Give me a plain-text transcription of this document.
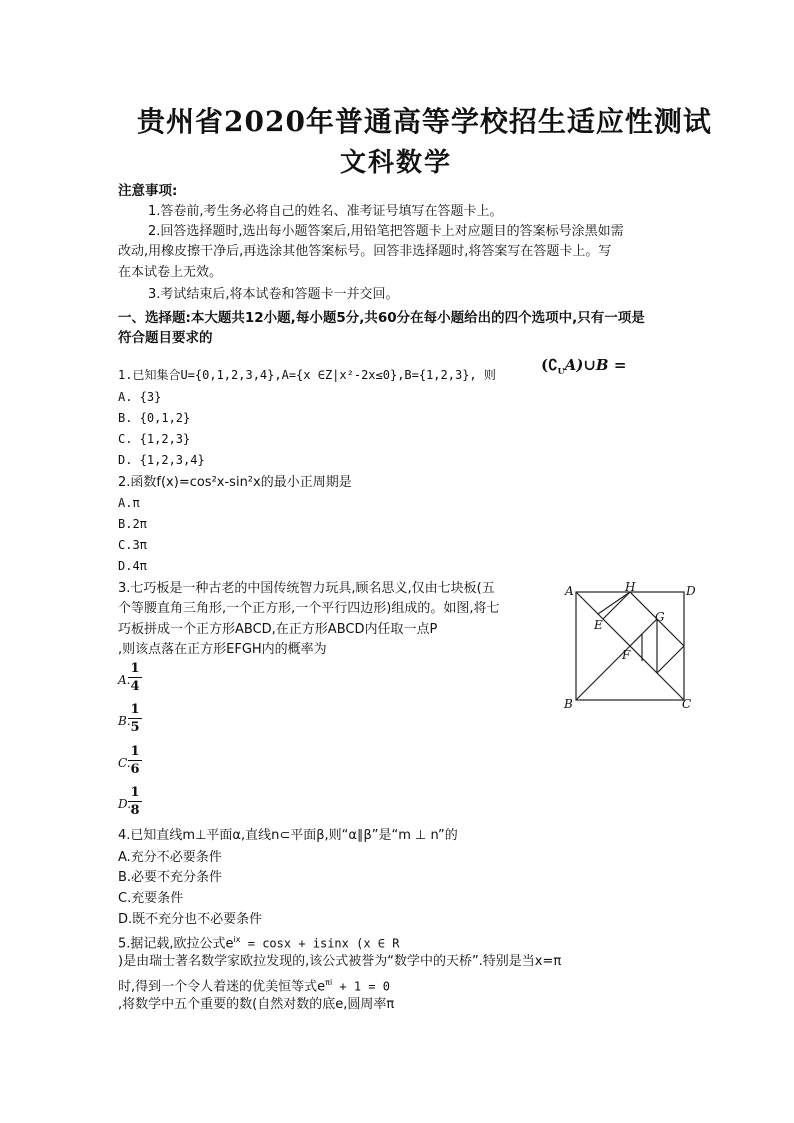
贵州省2020年普通高等学校招生适应性测试
文科数学
注意事项:
1.答卷前,考生务必将自己的姓名、准考证号填写在答题卡上。
2.回答选择题时,选出每小题答案后,用铅笔把答题卡上对应题目的答案标号涂黑如需
改动,用橡皮擦干净后,再选涂其他答案标号。回答非选择题时,将答案写在答题卡上。写
在本试卷上无效。
3.考试结束后,将本试卷和答题卡一并交回。
一、选择题:本大题共12小题,每小题5分,共60分在每小题给出的四个选项中,只有一项是
符合题目要求的
1.已知集合U={0,1,2,3,4},A={x ∈Z|x²-2x≤0},B={1,2,3}, 则
$(∁_UA)\cup B$ =
A. {3}
B. {0,1,2}
C. {1,2,3}
D. {1,2,3,4}
2.函数f(x)=cos²x-sin²x的最小正周期是
A.π
B.2π
C.3π
D.4π
3.七巧板是一种古老的中国传统智力玩具,顾名思义,仅由七块板(五
个等腰直角三角形,一个正方形,一个平行四边形)组成的。如图,将七
巧板拼成一个正方形ABCD,在正方形ABCD内任取一点P
,则该点落在正方形EFGH内的概率为
A.
1
4
B.
1
5
C.
1
6
D.
1
8
A	H	D
E
G
F
B	C
4.已知直线m⊥平面α,直线n⊂平面β,则“α∥β”是“m ⊥ n”的
A.充分不必要条件
B.必要不充分条件
C.充要条件
D.既不充分也不必要条件
5.据记载,欧拉公式$e^{ix} = \cos x + isinx$ (x ∈ R
)是由瑞士著名数学家欧拉发现的,该公式被誉为“数学中的天桥”.特别是当x=π
时,得到一个令人着迷的优美恒等式$e^{\pi i} + 1 = 0$
,将数学中五个重要的数(自然对数的底e,圆周率π
